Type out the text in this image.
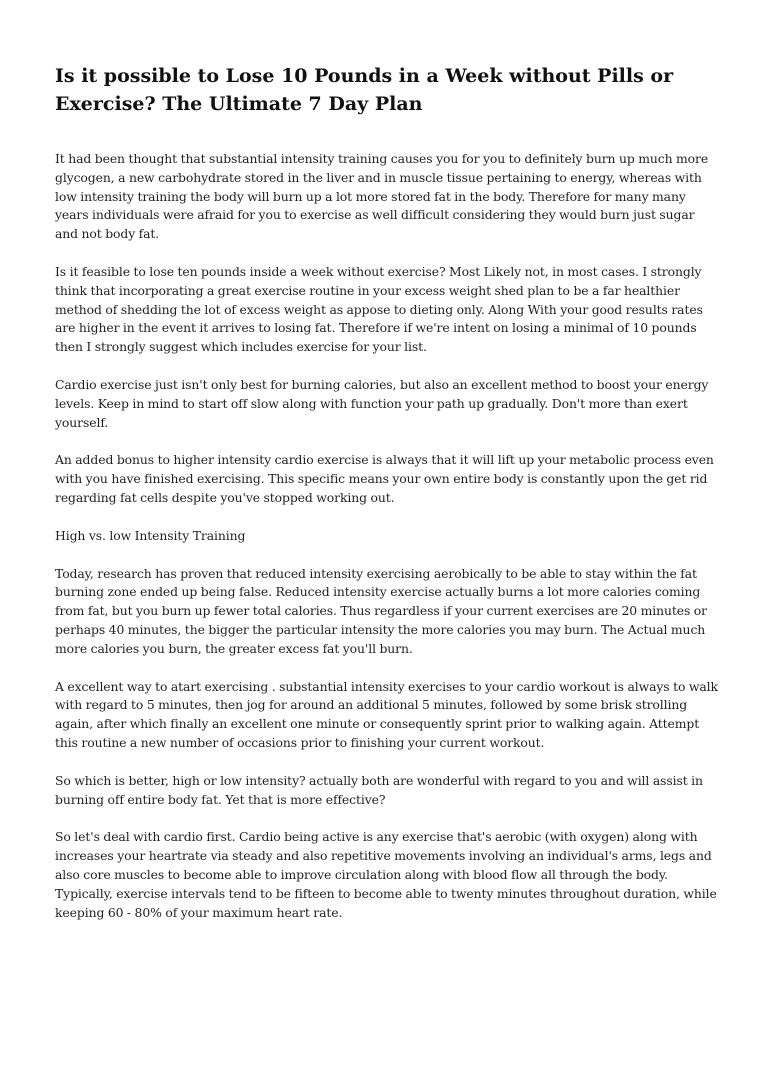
Is it possible to Lose 10 Pounds in a Week without Pills or Exercise? The Ultimate 7 Day Plan

It had been thought that substantial intensity training causes you for you to definitely burn up much more glycogen, a new carbohydrate stored in the liver and in muscle tissue pertaining to energy, whereas with low intensity training the body will burn up a lot more stored fat in the body. Therefore for many many years individuals were afraid for you to exercise as well difficult considering they would burn just sugar and not body fat.

Is it feasible to lose ten pounds inside a week without exercise? Most Likely not, in most cases. I strongly think that incorporating a great exercise routine in your excess weight shed plan to be a far healthier method of shedding the lot of excess weight as appose to dieting only. Along With your good results rates are higher in the event it arrives to losing fat. Therefore if we're intent on losing a minimal of 10 pounds then I strongly suggest which includes exercise for your list.

Cardio exercise just isn't only best for burning calories, but also an excellent method to boost your energy levels. Keep in mind to start off slow along with function your path up gradually. Don't more than exert yourself.

An added bonus to higher intensity cardio exercise is always that it will lift up your metabolic process even with you have finished exercising. This specific means your own entire body is constantly upon the get rid regarding fat cells despite you've stopped working out.

High vs. low Intensity Training

Today, research has proven that reduced intensity exercising aerobically to be able to stay within the fat burning zone ended up being false. Reduced intensity exercise actually burns a lot more calories coming from fat, but you burn up fewer total calories. Thus regardless if your current exercises are 20 minutes or perhaps 40 minutes, the bigger the particular intensity the more calories you may burn. The Actual much more calories you burn, the greater excess fat you'll burn.

A excellent way to atart exercising . substantial intensity exercises to your cardio workout is always to walk with regard to 5 minutes, then jog for around an additional 5 minutes, followed by some brisk strolling again, after which finally an excellent one minute or consequently sprint prior to walking again. Attempt this routine a new number of occasions prior to finishing your current workout.

So which is better, high or low intensity? actually both are wonderful with regard to you and will assist in burning off entire body fat. Yet that is more effective?

So let's deal with cardio first. Cardio being active is any exercise that's aerobic (with oxygen) along with increases your heartrate via steady and also repetitive movements involving an individual's arms, legs and also core muscles to become able to improve circulation along with blood flow all through the body. Typically, exercise intervals tend to be fifteen to become able to twenty minutes throughout duration, while keeping 60 - 80% of your maximum heart rate.
